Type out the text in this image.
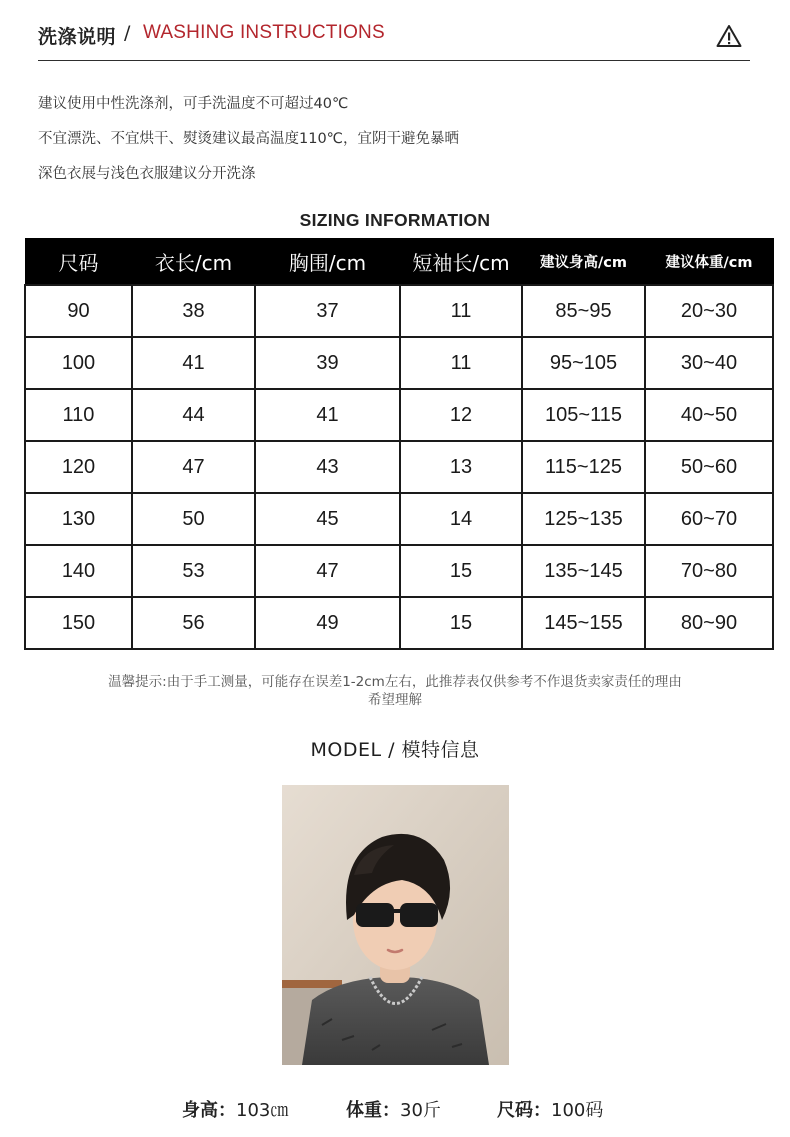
洗涤说明 / WASHING INSTRUCTIONS
建议使用中性洗涤剂，可手洗温度不可超过40℃
不宜漂洗、不宜烘干、熨烫建议最高温度110℃，宜阴干避免暴晒
深色衣展与浅色衣服建议分开洗涤
SIZING INFORMATION
尺码	衣长/cm	胸围/cm	短袖长/cm	建议身高/cm	建议体重/cm
90	38	37	11	85~95	20~30
100	41	39	11	95~105	30~40
110	44	41	12	105~115	40~50
120	47	43	13	115~125	50~60
130	50	45	14	125~135	60~70
140	53	47	15	135~145	70~80
150	56	49	15	145~155	80~90
温馨提示:由于手工测量，可能存在误差1-2cm左右，此推荐表仅供参考不作退货卖家责任的理由
希望理解
MODEL / 模特信息
身高：103㎝	体重：30斤	尺码：100码
